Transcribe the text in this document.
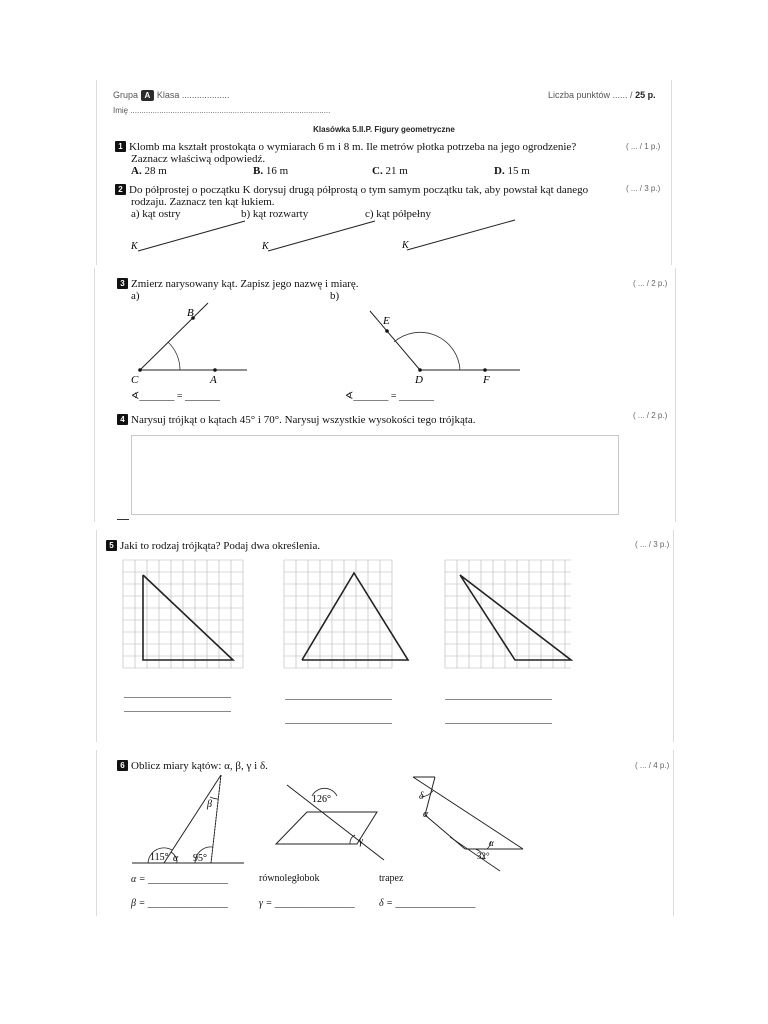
Grupa A Klasa ...................
Imię ..........................................................................................
Liczba punktów ...... / 25 p.
Klasówka 5.II.P. Figury geometryczne
1 Klomb ma kształt prostokąta o wymiarach 6 m i 8 m. Ile metrów płotka potrzeba na jego ogrodzenie?
Zaznacz właściwą odpowiedź.
( ... / 1 p.)
A. 28 m	B. 16 m	C. 21 m	D. 15 m
2 Do półprostej o początku K dorysuj drugą półprostą o tym samym początku tak, aby powstał kąt danego
rodzaju. Zaznacz ten kąt łukiem.
( ... / 3 p.)
a) kąt ostry	b) kąt rozwarty	c) kąt półpełny
K	K	K
3 Zmierz narysowany kąt. Zapisz jego nazwę i miarę.	( ... / 2 p.)
a)	b)
B
C	A
E
D	F
∢_______ = _______	∢_______ = _______
4 Narysuj trójkąt o kątach 45° i 70°. Narysuj wszystkie wysokości tego trójkąta.	( ... / 2 p.)
5 Jaki to rodzaj trójkąta? Podaj dwa określenia.	( ... / 3 p.)
6 Oblicz miary kątów: α, β, γ i δ.	( ... / 4 p.)
115° α 95°
β	126°
γ
δ
α
α
32°
α = ________________	równoległobok	trapez
β = ________________	γ = ________________ δ = ________________
